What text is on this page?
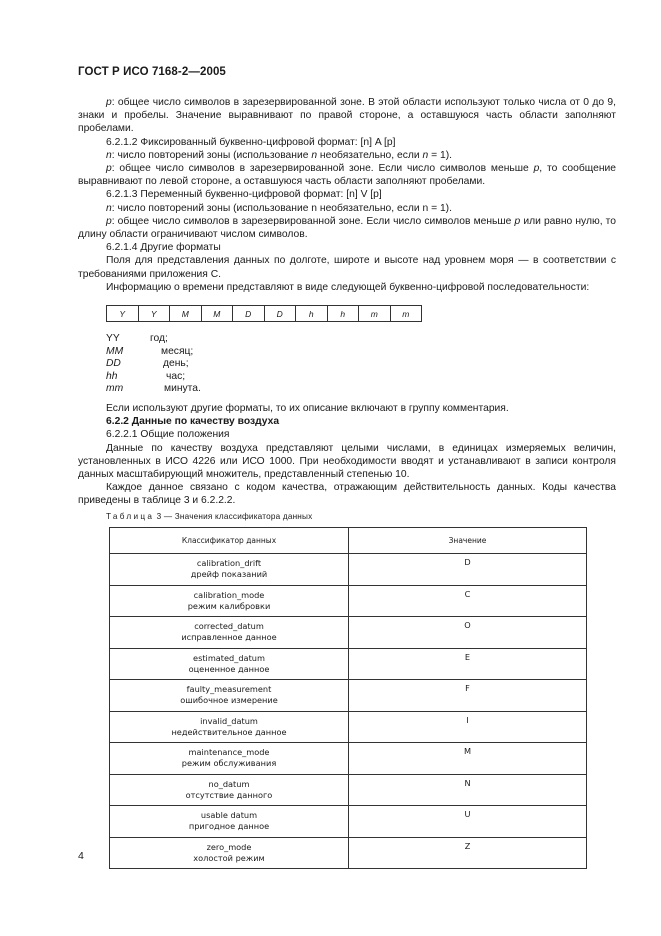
ГОСТ Р ИСО 7168-2—2005

p: общее число символов в зарезервированной зоне. В этой области используют только числа от 0 до 9, знаки и пробелы. Значение выравнивают по правой стороне, а оставшуюся часть области заполняют пробелами.

6.2.1.2 Фиксированный буквенно-цифровой формат: [n] A [p]

n: число повторений зоны (использование n необязательно, если n = 1).

p: общее число символов в зарезервированной зоне. Если число символов меньше p, то сообщение выравнивают по левой стороне, а оставшуюся часть области заполняют пробелами.

6.2.1.3 Переменный буквенно-цифровой формат: [n] V [p]

n: число повторений зоны (использование n необязательно, если n = 1).

p: общее число символов в зарезервированной зоне. Если число символов меньше p или равно нулю, то длину области ограничивают числом символов.

6.2.1.4 Другие форматы

Поля для представления данных по долготе, широте и высоте над уровнем моря — в соответствии с требованиями приложения С.

Информацию о времени представляют в виде следующей буквенно-цифровой последовательности:

Y	Y	M	M	D	D	h	h	m	m
YY	год;
MM	месяц;
DD	день;
hh	час;
mm	минута.

Если используют другие форматы, то их описание включают в группу комментария.

6.2.2 Данные по качеству воздуха

6.2.2.1 Общие положения

Данные по качеству воздуха представляют целыми числами, в единицах измеряемых величин, установленных в ИСО 4226 или ИСО 1000. При необходимости вводят и устанавливают в записи контроля данных масштабирующий множитель, представленный степенью 10.

Каждое данное связано с кодом качества, отражающим действительность данных. Коды качества приведены в таблице 3 и 6.2.2.2.

Таблица 3 — Значения классификатора данных
Классификатор данных	Значение

calibration_drift
дрейф показаний	D

calibration_mode
режим калибровки	C

corrected_datum
исправленное данное	O

estimated_datum
оцененное данное	E

faulty_measurement
ошибочное измерение	F

invalid_datum
недействительное данное	I

maintenance_mode
режим обслуживания	M

no_datum
отсутствие данного	N

usable datum
пригодное данное	U

zero_mode
холостой режим	Z
4
